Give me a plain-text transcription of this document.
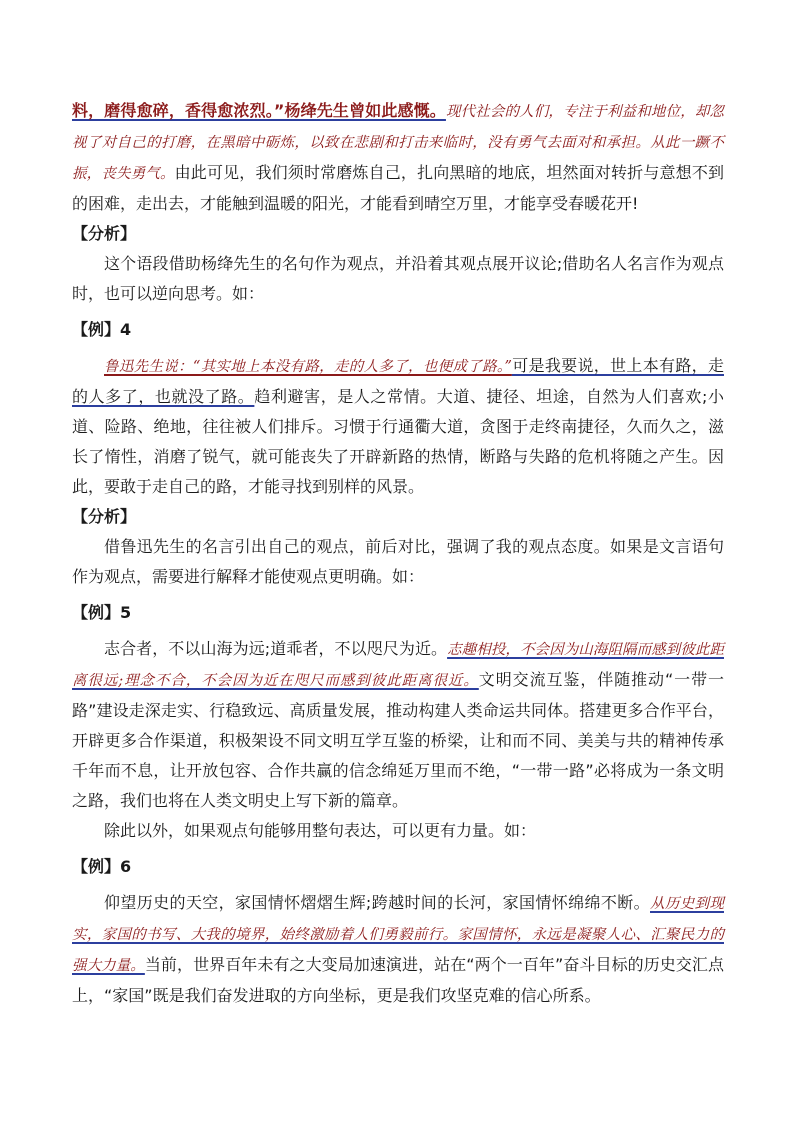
料，磨得愈碎，香得愈浓烈。”杨绛先生曾如此感慨。现代社会的人们，专注于利益和地位，却忽视了对自己的打磨，在黑暗中砺炼，以致在悲剧和打击来临时，没有勇气去面对和承担。从此一蹶不振，丧失勇气。由此可见，我们须时常磨炼自己，扎向黑暗的地底，坦然面对转折与意想不到的困难，走出去，才能触到温暖的阳光，才能看到晴空万里，才能享受春暖花开!

【分析】

这个语段借助杨绛先生的名句作为观点，并沿着其观点展开议论;借助名人名言作为观点时，也可以逆向思考。如：

【例】4

鲁迅先生说：“其实地上本没有路，走的人多了，也便成了路。”可是我要说，世上本有路，走的人多了，也就没了路。趋利避害，是人之常情。大道、捷径、坦途，自然为人们喜欢;小道、险路、绝地，往往被人们排斥。习惯于行通衢大道，贪图于走终南捷径，久而久之，滋长了惰性，消磨了锐气，就可能丧失了开辟新路的热情，断路与失路的危机将随之产生。因此，要敢于走自己的路，才能寻找到别样的风景。

【分析】

借鲁迅先生的名言引出自己的观点，前后对比，强调了我的观点态度。如果是文言语句作为观点，需要进行解释才能使观点更明确。如：

【例】5

志合者，不以山海为远;道乖者，不以咫尺为近。志趣相投，不会因为山海阻隔而感到彼此距离很远;理念不合，不会因为近在咫尺而感到彼此距离很近。文明交流互鉴，伴随推动“一带一路”建设走深走实、行稳致远、高质量发展，推动构建人类命运共同体。搭建更多合作平台，开辟更多合作渠道，积极架设不同文明互学互鉴的桥梁，让和而不同、美美与共的精神传承千年而不息，让开放包容、合作共赢的信念绵延万里而不绝，“一带一路”必将成为一条文明之路，我们也将在人类文明史上写下新的篇章。

除此以外，如果观点句能够用整句表达，可以更有力量。如：

【例】6

仰望历史的天空，家国情怀熠熠生辉;跨越时间的长河，家国情怀绵绵不断。从历史到现实，家国的书写、大我的境界，始终激励着人们勇毅前行。家国情怀，永远是凝聚人心、汇聚民力的强大力量。当前，世界百年未有之大变局加速演进，站在“两个一百年”奋斗目标的历史交汇点上，“家国”既是我们奋发进取的方向坐标，更是我们攻坚克难的信心所系。
